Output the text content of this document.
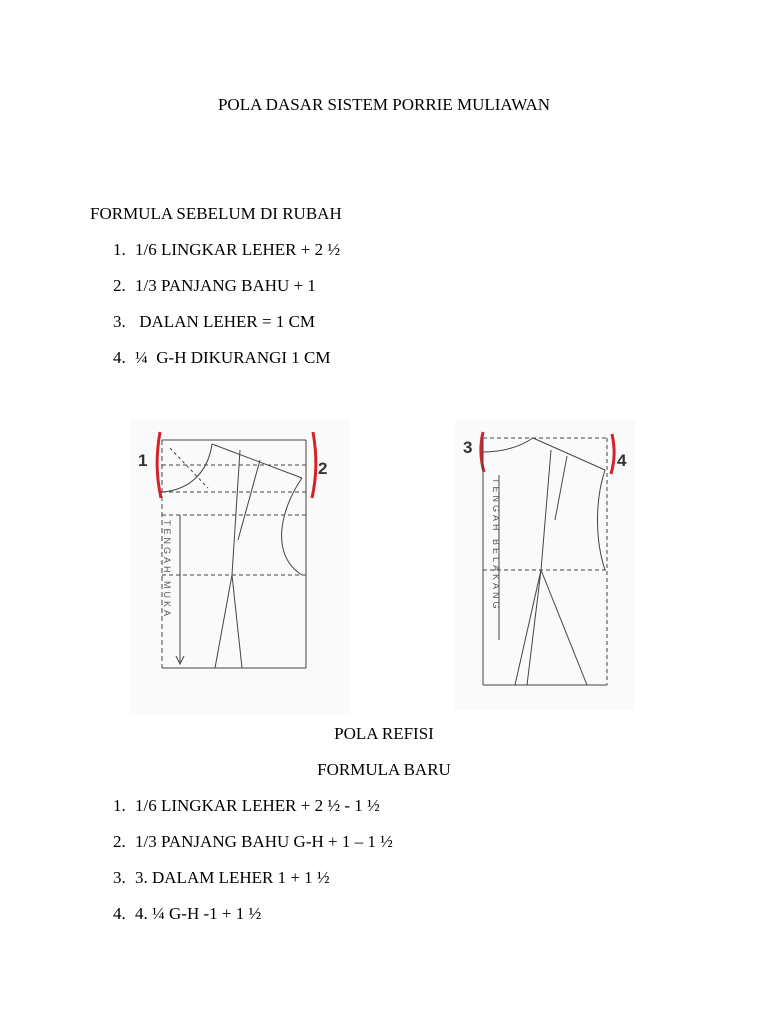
POLA DASAR SISTEM PORRIE MULIAWAN
FORMULA SEBELUM DI RUBAH
1. 1/6 LINGKAR LEHER + 2 ½
2. 1/3 PANJANG BAHU + 1
3. DALAN LEHER = 1 CM
4. ¼  G-H DIKURANGI 1 CM
1	2
TENGAH MUKA
3
4
TENGAH BELAKANG
POLA REFISI
FORMULA BARU
1. 1/6 LINGKAR LEHER + 2 ½ - 1 ½
2. 1/3 PANJANG BAHU G-H + 1 – 1 ½
3. 3. DALAM LEHER 1 + 1 ½
4. 4. ¼ G-H -1 + 1 ½
